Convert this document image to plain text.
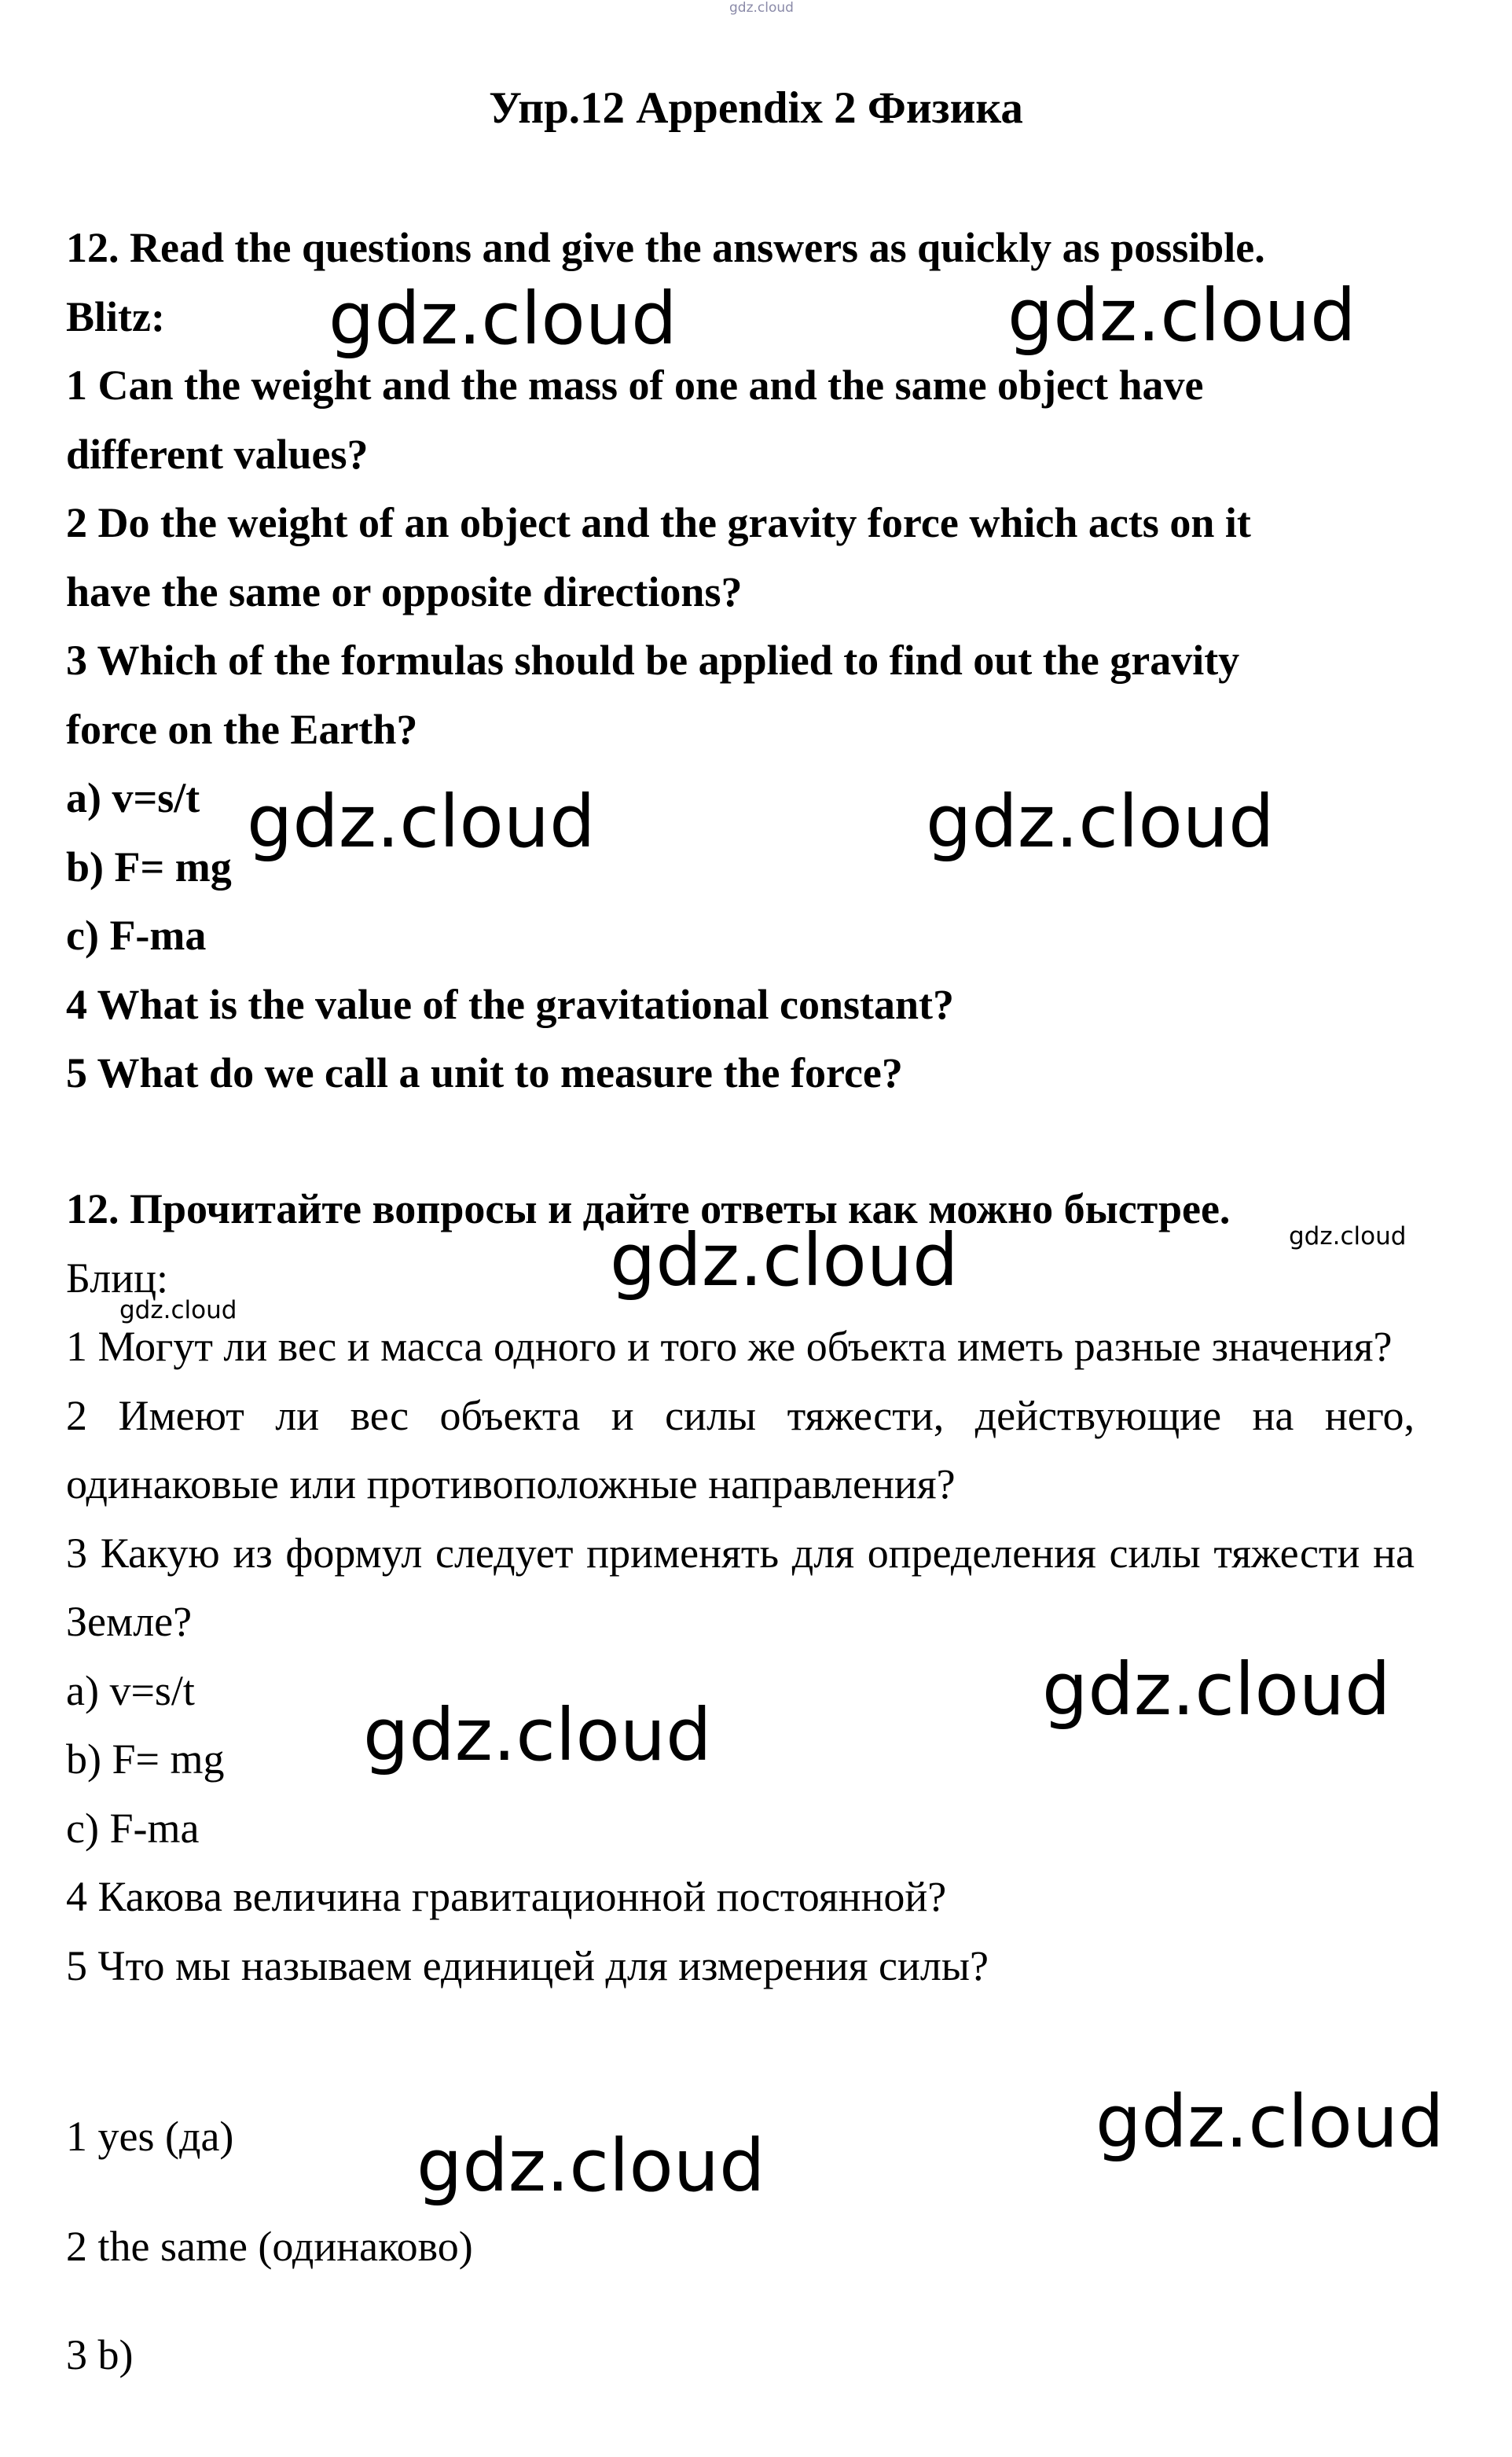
gdz.cloud
Упр.12 Appendix 2 Физика
12. Read the questions and give the answers as quickly as possible.
Blitz:
1 Can the weight and the mass of one and the same object have
different values?
2 Do the weight of an object and the gravity force which acts on it
have the same or opposite directions?
3 Which of the formulas should be applied to find out the gravity
force on the Earth?
a) v=s/t
b) F= mg
c) F-ma
4 What is the value of the gravitational constant?
5 What do we call a unit to measure the force?
12. Прочитайте вопросы и дайте ответы как можно быстрее.
Блиц:
1 Могут ли вес и масса одного и того же объекта иметь разные значения?
2 Имеют ли вес объекта и силы тяжести, действующие на него, одинаковые или противоположные направления?
3 Какую из формул следует применять для определения силы тяжести на Земле?
a) v=s/t
b) F= mg
c) F-ma
4 Какова величина гравитационной постоянной?
5 Что мы называем единицей для измерения силы?
1 yes (да)
2 the same (одинаково)
3 b)
gdz.cloud	gdz.cloud
gdz.cloud	gdz.cloud
gdz.cloud	gdz.cloud
gdz.cloud
gdz.cloud
gdz.cloud
gdz.cloud
gdz.cloud
